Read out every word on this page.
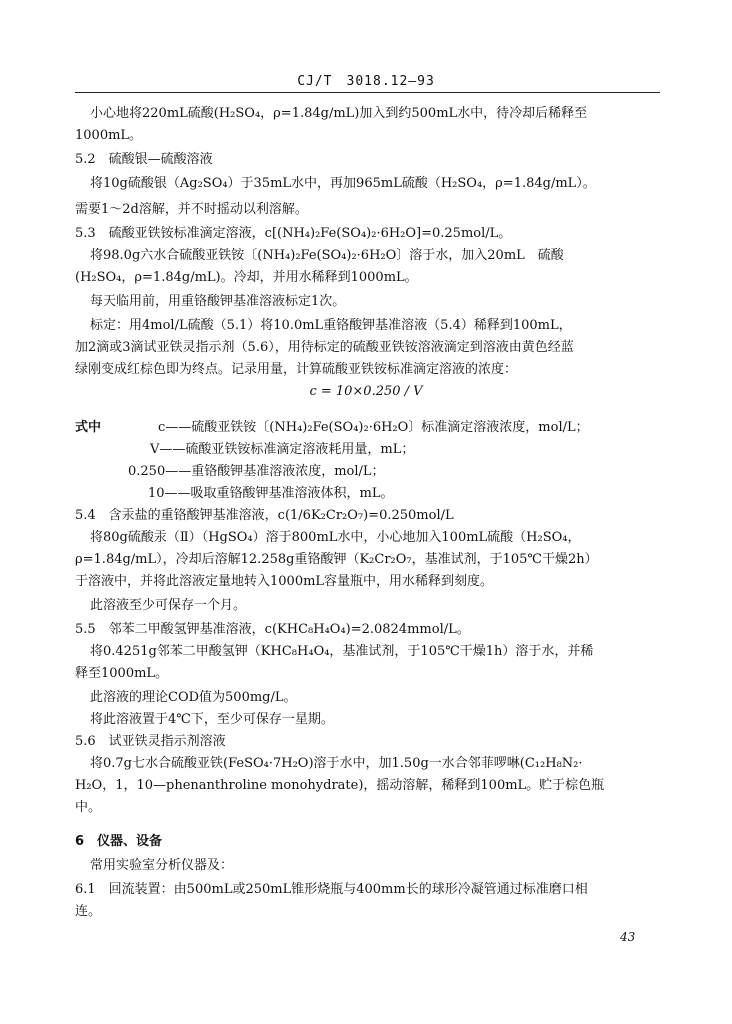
CJ/T　3018.12—93
小心地将220mL硫酸(H₂SO₄，ρ=1.84g/mL)加入到约500mL水中，待冷却后稀释至
1000mL。
5.2　硫酸银—硫酸溶液
将10g硫酸银（Ag₂SO₄）于35mL水中，再加965mL硫酸（H₂SO₄，ρ=1.84g/mL）。
需要1～2d溶解，并不时摇动以利溶解。
5.3　硫酸亚铁铵标准滴定溶液，c[(NH₄)₂Fe(SO₄)₂·6H₂O]=0.25mol/L。
将98.0g六水合硫酸亚铁铵〔(NH₄)₂Fe(SO₄)₂·6H₂O〕溶于水，加入20mL　硫酸
(H₂SO₄，ρ=1.84g/mL)。冷却，并用水稀释到1000mL。
每天临用前，用重铬酸钾基准溶液标定1次。
标定：用4mol/L硫酸（5.1）将10.0mL重铬酸钾基准溶液（5.4）稀释到100mL，
加2滴或3滴试亚铁灵指示剂（5.6），用待标定的硫酸亚铁铵溶液滴定到溶液由黄色经蓝
绿刚变成红棕色即为终点。记录用量，计算硫酸亚铁铵标准滴定溶液的浓度：
c = 10×0.250 / V
式中	c——硫酸亚铁铵〔(NH₄)₂Fe(SO₄)₂·6H₂O〕标准滴定溶液浓度，mol/L；
V——硫酸亚铁铵标准滴定溶液耗用量，mL；
0.250——重铬酸钾基准溶液浓度，mol/L；
10——吸取重铬酸钾基准溶液体积，mL。
5.4　含汞盐的重铬酸钾基准溶液，c(1/6K₂Cr₂O₇)=0.250mol/L
将80g硫酸汞（Ⅱ）（HgSO₄）溶于800mL水中，小心地加入100mL硫酸（H₂SO₄，
ρ=1.84g/mL），冷却后溶解12.258g重铬酸钾（K₂Cr₂O₇，基准试剂，于105℃干燥2h）
于溶液中，并将此溶液定量地转入1000mL容量瓶中，用水稀释到刻度。
此溶液至少可保存一个月。
5.5　邻苯二甲酸氢钾基准溶液，c(KHC₈H₄O₄)=2.0824mmol/L。
将0.4251g邻苯二甲酸氢钾（KHC₈H₄O₄，基准试剂，于105℃干燥1h）溶于水，并稀
释至1000mL。
此溶液的理论COD值为500mg/L。
将此溶液置于4℃下，至少可保存一星期。
5.6　试亚铁灵指示剂溶液
将0.7g七水合硫酸亚铁(FeSO₄·7H₂O)溶于水中，加1.50g一水合邻菲啰啉(C₁₂H₈N₂·
H₂O，1，10—phenanthroline monohydrate)，摇动溶解，稀释到100mL。贮于棕色瓶
中。
6　仪器、设备
常用实验室分析仪器及：
6.1　回流装置：由500mL或250mL锥形烧瓶与400mm长的球形冷凝管通过标准磨口相
连。
43
